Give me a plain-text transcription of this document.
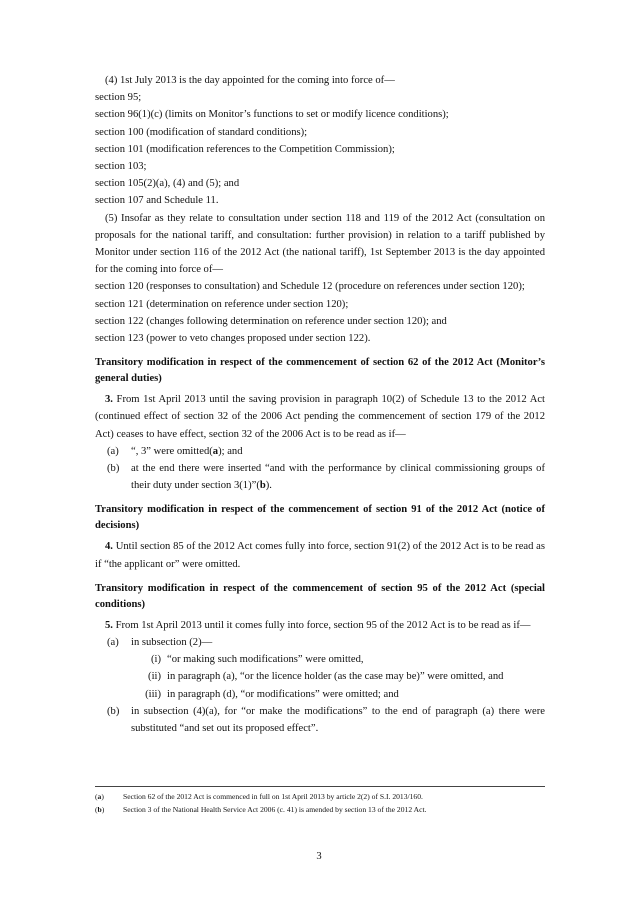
(4) 1st July 2013 is the day appointed for the coming into force of—

section 95;

section 96(1)(c) (limits on Monitor’s functions to set or modify licence conditions);

section 100 (modification of standard conditions);

section 101 (modification references to the Competition Commission);

section 103;

section 105(2)(a), (4) and (5); and

section 107 and Schedule 11.

(5) Insofar as they relate to consultation under section 118 and 119 of the 2012 Act (consultation on proposals for the national tariff, and consultation: further provision) in relation to a tariff published by Monitor under section 116 of the 2012 Act (the national tariff), 1st September 2013 is the day appointed for the coming into force of—

section 120 (responses to consultation) and Schedule 12 (procedure on references under section 120);

section 121 (determination on reference under section 120);

section 122 (changes following determination on reference under section 120); and

section 123 (power to veto changes proposed under section 122).

Transitory modification in respect of the commencement of section 62 of the 2012 Act (Monitor’s general duties)

3. From 1st April 2013 until the saving provision in paragraph 10(2) of Schedule 13 to the 2012 Act (continued effect of section 32 of the 2006 Act pending the commencement of section 179 of the 2012 Act) ceases to have effect, section 32 of the 2006 Act is to be read as if—

(a)	“, 3” were omitted(a); and
(b)	at the end there were inserted “and with the performance by clinical commissioning groups of their duty under section 3(1)”(b).

Transitory modification in respect of the commencement of section 91 of the 2012 Act (notice of decisions)

4. Until section 85 of the 2012 Act comes fully into force, section 91(2) of the 2012 Act is to be read as if “the applicant or” were omitted.

Transitory modification in respect of the commencement of section 95 of the 2012 Act (special conditions)

5. From 1st April 2013 until it comes fully into force, section 95 of the 2012 Act is to be read as if—

(a)	in subsection (2)—
(i) “or making such modifications” were omitted,
(ii) in paragraph (a), “or the licence holder (as the case may be)” were omitted, and
(iii) in paragraph (d), “or modifications” were omitted; and
(b)	in subsection (4)(a), for “or make the modifications” to the end of paragraph (a) there were substituted “and set out its proposed effect”.
(a)	Section 62 of the 2012 Act is commenced in full on 1st April 2013 by article 2(2) of S.I. 2013/160.
(b)	Section 3 of the National Health Service Act 2006 (c. 41) is amended by section 13 of the 2012 Act.
3
